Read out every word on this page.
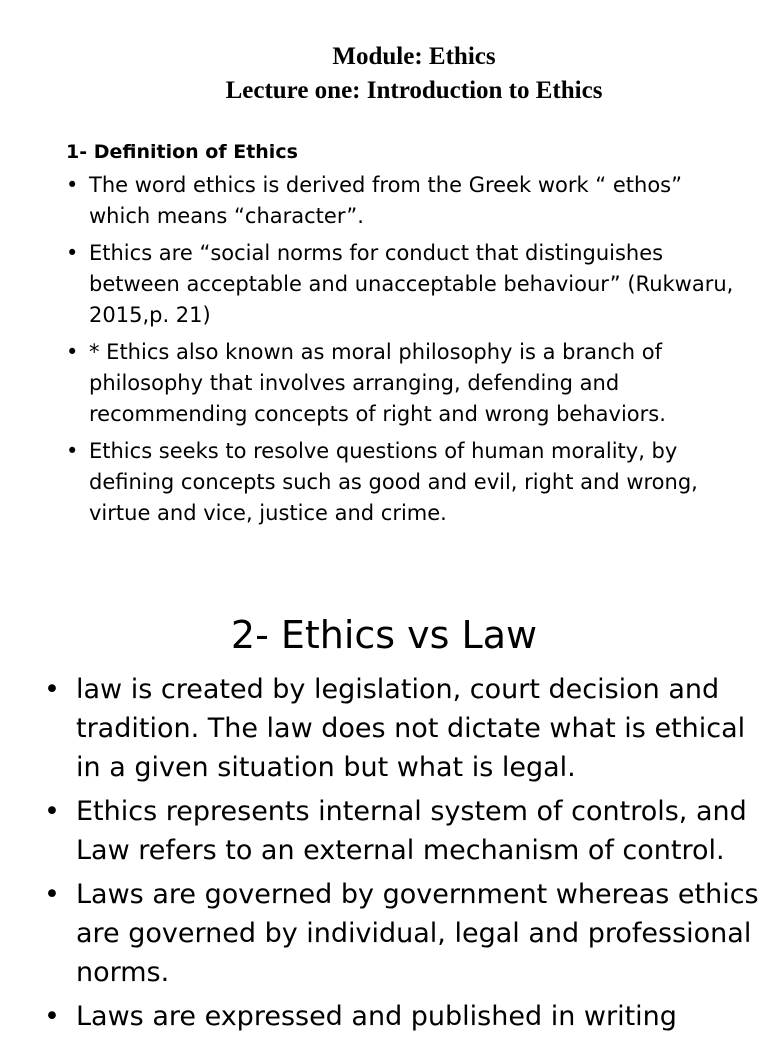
Module: Ethics
Lecture one: Introduction to Ethics
1- Definition of Ethics
• The word ethics is derived from the Greek work “ ethos” which means “character”.
• Ethics are “social norms for conduct that distinguishes between acceptable and unacceptable behaviour” (Rukwaru, 2015,p. 21)
• * Ethics also known as moral philosophy is a branch of philosophy that involves arranging, defending and recommending concepts of right and wrong behaviors.
• Ethics seeks to resolve questions of human morality, by defining concepts such as good and evil, right and wrong, virtue and vice, justice and crime.
2- Ethics vs Law
• law is created by legislation, court decision and tradition. The law does not dictate what is ethical in a given situation but what is legal.
• Ethics represents internal system of controls, and Law refers to an external mechanism of control.
• Laws are governed by government whereas ethics are governed by individual, legal and professional norms.
• Laws are expressed and published in writing
